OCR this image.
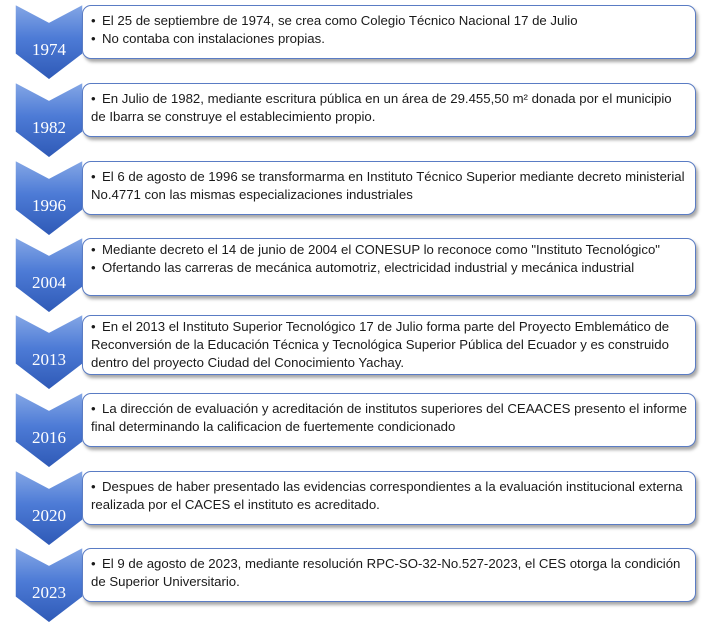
1974
• El 25 de septiembre de 1974, se crea como Colegio Técnico Nacional 17 de Julio
• No contaba con instalaciones propias.
1982
• En Julio de 1982, mediante escritura pública en un área de 29.455,50 m² donada por el municipio de Ibarra se construye el establecimiento propio.
1996
• El 6 de agosto de 1996 se transformarma en Instituto Técnico Superior mediante decreto ministerial No.4771 con las mismas especializaciones industriales
2004
• Mediante decreto el 14 de junio de 2004 el CONESUP lo reconoce como "Instituto Tecnológico"
• Ofertando las carreras de mecánica automotriz, electricidad industrial y mecánica industrial
2013
• En el 2013 el Instituto Superior Tecnológico 17 de Julio forma parte del Proyecto Emblemático de Reconversión de la Educación Técnica y Tecnológica Superior Pública del Ecuador y es construido dentro del proyecto Ciudad del Conocimiento Yachay.
2016
• La dirección de evaluación y acreditación de institutos superiores del CEAACES presento el informe final determinando la calificacion de fuertemente condicionado
2020
• Despues de haber presentado las evidencias correspondientes a la evaluación institucional externa realizada por el CACES el instituto es acreditado.
2023
• El 9 de agosto de 2023, mediante resolución RPC-SO-32-No.527-2023, el CES otorga la condición de Superior Universitario.
